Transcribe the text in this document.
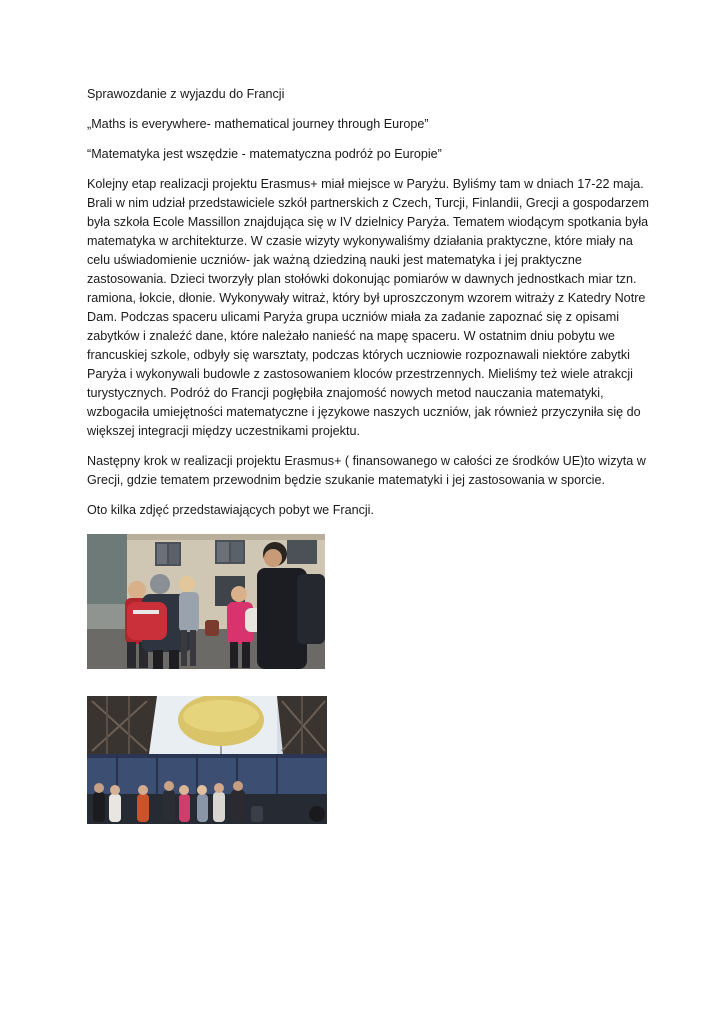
Sprawozdanie z wyjazdu do Francji

„Maths is everywhere- mathematical journey through Europe”

“Matematyka jest wszędzie - matematyczna podróż po Europie”

Kolejny etap realizacji projektu Erasmus+ miał miejsce w Paryżu. Byliśmy tam w dniach 17-22 maja.
Brali w nim udział przedstawiciele szkół partnerskich z Czech, Turcji, Finlandii, Grecji a gospodarzem
była szkoła Ecole Massillon znajdująca się w IV dzielnicy Paryża. Tematem wiodącym spotkania była
matematyka w architekturze. W czasie wizyty wykonywaliśmy działania praktyczne, które miały na
celu uświadomienie uczniów- jak ważną dziedziną nauki jest matematyka i jej praktyczne
zastosowania. Dzieci tworzyły plan stołówki dokonując pomiarów w dawnych jednostkach miar tzn.
ramiona, łokcie, dłonie. Wykonywały witraż, który był uproszczonym wzorem witraży z Katedry Notre
Dam. Podczas spaceru ulicami Paryża grupa uczniów miała za zadanie zapoznać się z opisami
zabytków i znaleźć dane, które należało nanieść na mapę spaceru. W ostatnim dniu pobytu we
francuskiej szkole, odbyły się warsztaty, podczas których uczniowie rozpoznawali niektóre zabytki
Paryża i wykonywali budowle z zastosowaniem kloców przestrzennych. Mieliśmy też wiele atrakcji
turystycznych. Podróż do Francji pogłębiła znajomość nowych metod nauczania matematyki,
wzbogaciła umiejętności matematyczne i językowe naszych uczniów, jak również przyczyniła się do
większej integracji między uczestnikami projektu.

Następny krok w realizacji projektu Erasmus+ ( finansowanego w całości ze środków UE)to wizyta w
Grecji, gdzie tematem przewodnim będzie szukanie matematyki i jej zastosowania w sporcie.

Oto kilka zdjęć przedstawiających pobyt we Francji.
